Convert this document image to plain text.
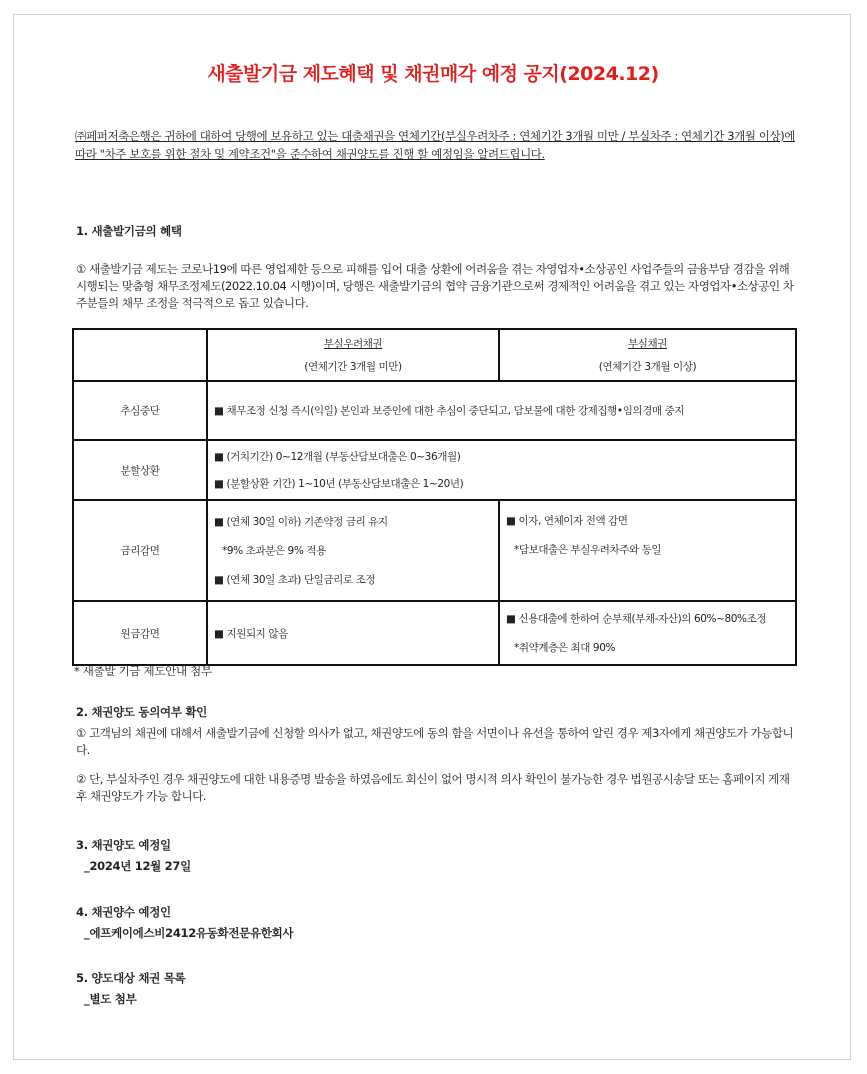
새출발기금 제도혜택 및 채권매각 예정 공지(2024.12)
㈜페퍼저축은행은 귀하에 대하여 당행에 보유하고 있는 대출채권을 연체기간(부실우려차주 : 연체기간 3개월 미만 / 부실차주 : 연체기간 3개월 이상)에 따라 "차주 보호를 위한 절차 및 계약조건"을 준수하여 채권양도를 진행 할 예정임을 알려드립니다.
1. 새출발기금의 혜택
① 새출발기금 제도는 코로나19에 따른 영업제한 등으로 피해를 입어 대출 상환에 어려움을 겪는 자영업자•소상공인 사업주들의 금융부담 경감을 위해 시행되는 맞춤형 채무조정제도(2022.10.04 시행)이며, 당행은 새출발기금의 협약 금융기관으로써 경제적인 어려움을 겪고 있는 자영업자•소상공인 차주분들의 채무 조정을 적극적으로 돕고 있습니다.

	부실우려채권
(연체기간 3개월 미만)	부실채권
(연체기간 3개월 이상)

추심중단	■ 채무조정 신청 즉시(익일) 본인과 보증인에 대한 추심이 중단되고, 담보물에 대한 강제집행•임의경매 중지	
분할상환	■ (거치기간) 0~12개월 (부동산담보대출은 0~36개월)
■ (분할상환 기간) 1~10년 (부동산담보대출은 1~20년)	

금리감면	■ (연체 30일 이하) 기존약정 금리 유지
*9% 초과분은 9% 적용
■ (연체 30일 초과) 단일금리로 조정	■ 이자, 연체이자 전액 감면
*담보대출은 부실우려차주와 동일

원금감면	■ 지원되지 않음	■ 신용대출에 한하여 순부채(부채-자산)의 60%~80%조정
*취약계층은 최대 90%
* 새출발 기금 제도안내 첨부
2. 채권양도 동의여부 확인
① 고객님의 채권에 대해서 새출발기금에 신청할 의사가 없고, 채권양도에 동의 함을 서면이나 유선을 통하여 알린 경우 제3자에게 채권양도가 가능합니다.
② 단, 부실차주인 경우 채권양도에 대한 내용증명 발송을 하였음에도 회신이 없어 명시적 의사 확인이 불가능한 경우 법원공시송달 또는 홈페이지 게재 후 채권양도가 가능 합니다.
3. 채권양도 예정일
_2024년 12월 27일
4. 채권양수 예정인
_에프케이에스비2412유동화전문유한회사
5. 양도대상 채권 목록
_별도 첨부
